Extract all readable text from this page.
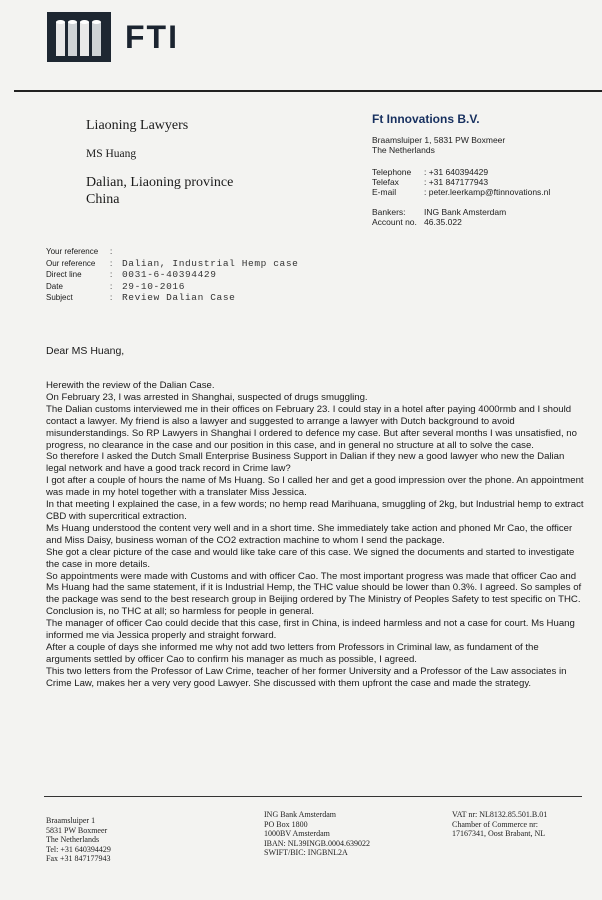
FTI
Liaoning Lawyers
MS Huang
Dalian, Liaoning province
China
Ft Innovations B.V.
Braamsluiper 1, 5831 PW Boxmeer
The Netherlands
Telephone	: +31 640394429
Telefax	: +31 847177943
E-mail	: peter.leerkamp@ftinnovations.nl
Bankers:	ING Bank Amsterdam
Account no. 46.35.022
Your reference	:
Our reference	:	Dalian, Industrial Hemp case
Direct line	:	0031-6-40394429
Date	:	29-10-2016
Subject	:	Review Dalian Case
Dear MS Huang,

Herewith the review of the Dalian Case.

On February 23, I was arrested in Shanghai, suspected of drugs smuggling.

The Dalian customs interviewed me in their offices on February 23. I could stay in a hotel after paying 4000rmb and I should contact a lawyer. My friend is also a lawyer and suggested to arrange a lawyer with Dutch background to avoid misunderstandings. So RP Lawyers in Shanghai I ordered to defence my case. But after several months I was unsatisfied, no progress, no clearance in the case and our position in this case, and in general no structure at all to solve the case.

So therefore I asked the Dutch Small Enterprise Business Support in Dalian if they new a good lawyer who new the Dalian legal network and have a good track record in Crime law?

I got after a couple of hours the name of Ms Huang. So I called her and get a good impression over the phone. An appointment was made in my hotel together with a translater Miss Jessica.

In that meeting I explained the case, in a few words; no hemp read Marihuana, smuggling of 2kg, but Industrial hemp to extract CBD with supercritical extraction.

Ms Huang understood the content very well and in a short time. She immediately take action and phoned Mr Cao, the officer and Miss Daisy, business woman of the CO2 extraction machine to whom I send the package.

She got a clear picture of the case and would like take care of this case. We signed the documents and started to investigate the case in more details.

So appointments were made with Customs and with officer Cao. The most important progress was made that officer Cao and Ms Huang had the same statement, if it is Industrial Hemp, the THC value should be lower than 0.3%. I agreed. So samples of the package was send to the best research group in Beijing ordered by The Ministry of Peoples Safety to test specific on THC. Conclusion is, no THC at all; so harmless for people in general.

The manager of officer Cao could decide that this case, first in China, is indeed harmless and not a case for court. Ms Huang informed me via Jessica properly and straight forward.

After a couple of days she informed me why not add two letters from Professors in Criminal law, as fundament of the arguments settled by officer Cao to confirm his manager as much as possible, I agreed.

This two letters from the Professor of Law Crime, teacher of her former University and a Professor of the Law associates in Crime Law, makes her a very very good Lawyer. She discussed with them upfront the case and made the strategy.

Braamsluiper 1
5831 PW Boxmeer
The Netherlands
Tel: +31 640394429
Fax +31 847177943
ING Bank Amsterdam
PO Box 1800
1000BV Amsterdam
IBAN: NL39INGB.0004.639022
SWIFT/BIC: INGBNL2A
VAT nr: NL8132.85.501.B.01
Chamber of Commerce nr:
17167341, Oost Brabant, NL
